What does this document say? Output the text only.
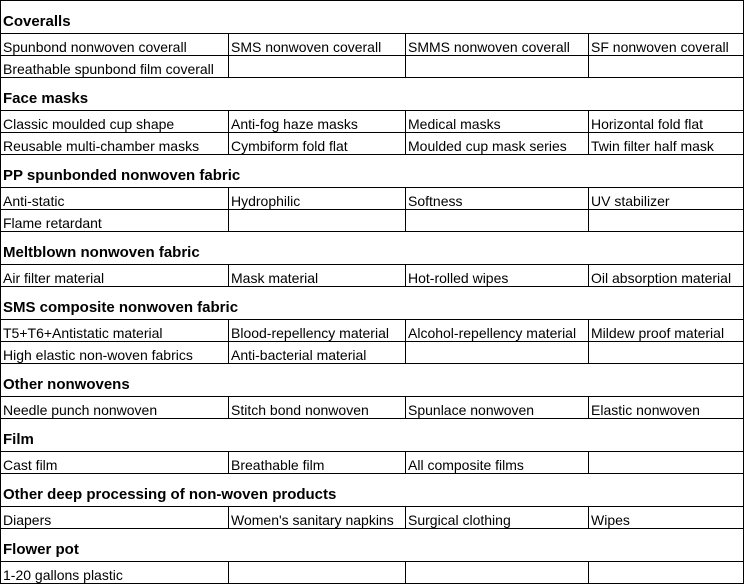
Coveralls			
Spunbond nonwoven coverall	SMS nonwoven coverall	SMMS nonwoven coverall	SF nonwoven coverall
Breathable spunbond film coverall			
Face masks			
Classic moulded cup shape	Anti-fog haze masks	Medical masks	Horizontal fold flat
Reusable multi-chamber masks	Cymbiform fold flat	Moulded cup mask series	Twin filter half mask
PP spunbonded nonwoven fabric			
Anti-static	Hydrophilic	Softness	UV stabilizer
Flame retardant			
Meltblown nonwoven fabric			
Air filter material	Mask material	Hot-rolled wipes	Oil absorption material
SMS composite nonwoven fabric			
T5+T6+Antistatic material	Blood-repellency material	Alcohol-repellency material	Mildew proof material
High elastic non-woven fabrics	Anti-bacterial material		
Other nonwovens			
Needle punch nonwoven	Stitch bond nonwoven	Spunlace nonwoven	Elastic nonwoven
Film			
Cast film	Breathable film	All composite films	
Other deep processing of non-woven products			
Diapers	Women's sanitary napkins	Surgical clothing	Wipes
Flower pot			
1-20 gallons plastic			
